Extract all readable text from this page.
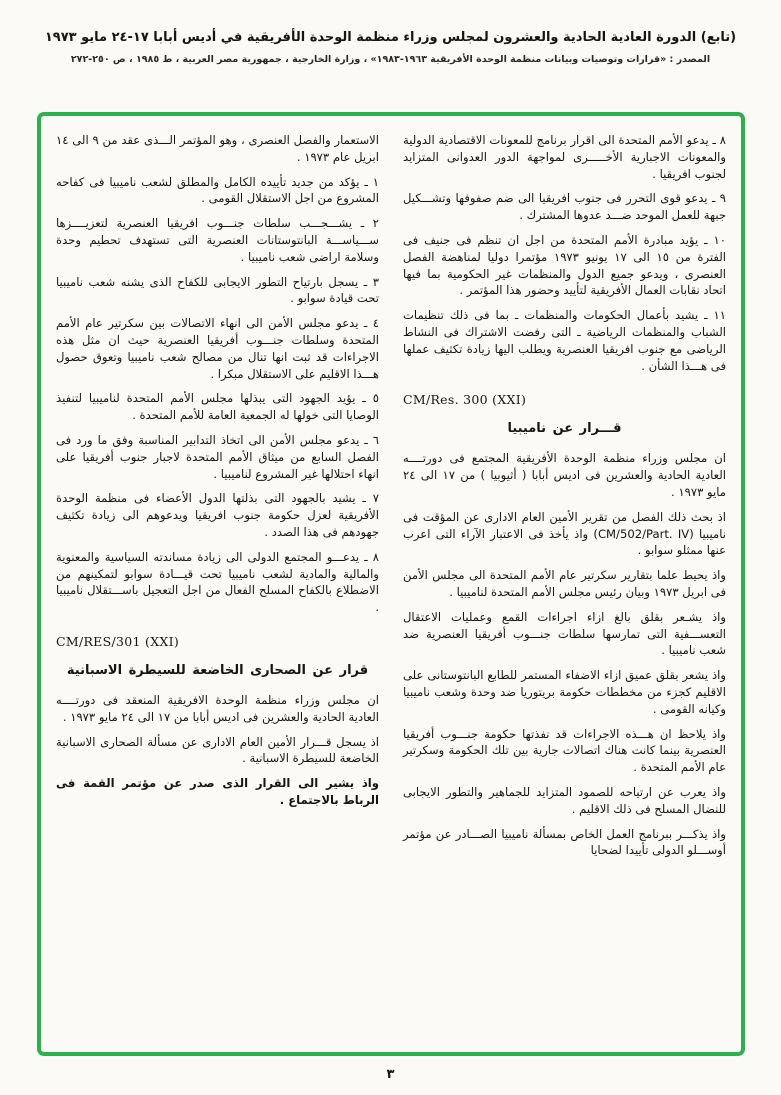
(تابع) الدورة العادية الحادية والعشرون لمجلس وزراء منظمة الوحدة الأفريقية في أديس أبابا ١٧-٢٤ مايو ١٩٧٣
المصدر : «قرارات وتوصيات وبيانات منظمة الوحدة الأفريقية ١٩٦٣-١٩٨٣» ، وزارة الخارجية ، جمهورية مصر العربية ، ط ١٩٨٥ ، ص ٢٥٠-٢٧٢
٨ ـ يدعو الأمم المتحدة الى اقرار برنامج للمعونات الاقتصادية الدولية والمعونات الاجبارية الأخـــــرى لمواجهة الدور العدوانى المتزايد لجنوب افريقيا .
٩ ـ يدعو قوى التحرر فى جنوب افريقيا الى ضم صفوفها وتشـــكيل جبهة للعمل الموحد ضـــد عدوها المشترك .
١٠ ـ يؤيد مبادرة الأمم المتحدة من اجل ان تنظم فى جنيف فى الفترة من ١٥ الى ١٧ يونيو ١٩٧٣ مؤتمرا دوليا لمناهضة الفصل العنصرى ، ويدعو جميع الدول والمنظمات غير الحكومية بما فيها اتحاد نقابات العمال الأفريقية لتأييد وحضور هذا المؤتمر .
١١ ـ يشيد بأعمال الحكومات والمنظمات ـ بما فى ذلك تنظيمات الشباب والمنظمات الرياضية ـ التى رفضت الاشتراك فى النشاط الرياضى مع جنوب افريقيا العنصرية ويطلب اليها زيادة تكثيف عملها فى هـــذا الشأن .
CM/Res. 300 (XXI)
قـــرار عن ناميبيا
ان مجلس وزراء منظمة الوحدة الأفريقية المجتمع فى دورتــــه العادية الحادية والعشرين فى اديس أبابا ( أثيوبيا ) من ١٧ الى ٢٤ مايو ١٩٧٣ .
اذ بحث ذلك الفصل من تقرير الأمين العام الادارى عن المؤقت فى ناميبيا (CM/502/Part. IV) واذ يأخذ فى الاعتبار الآراء التى اعرب عنها ممثلو سوابو .
واذ يحيط علما بتقارير سكرتير عام الأمم المتحدة الى مجلس الأمن فى ابريل ١٩٧٣ وبيان رئيس مجلس الأمم المتحدة لناميبيا .
واذ يشـعر بقلق بالغ ازاء اجراءات القمع وعمليات الاعتقال التعســـفية التى تمارسها سلطات جنـــوب أفريقيا العنصرية ضد شعب ناميبيا .
واذ يشعر بقلق عميق ازاء الاضفاء المستمر للطابع البانتوستانى على الاقليم كجزء من مخططات حكومة بريتوريا ضد وحدة وشعب ناميبيا وكيانه القومى .
واذ يلاحظ ان هـــذه الاجراءات قد نفذتها حكومة جنـــوب أفريقيا العنصرية بينما كانت هناك اتصالات جارية بين تلك الحكومة وسكرتير عام الأمم المتحدة .
واذ يعرب عن ارتياحه للصمود المتزايد للجماهير والتطور الايجابى للنضال المسلح فى ذلك الاقليم .
واذ يذكـــر ببرنامج العمل الخاص بمسألة ناميبيا الصـــادر عن مؤتمر أوســـلو الدولى تأييدا لضحايا
الاستعمار والفصل العنصرى ، وهو المؤتمر الـــذى عقد من ٩ الى ١٤ ابريل عام ١٩٧٣ .
١ ـ يؤكد من جديد تأييده الكامل والمطلق لشعب ناميبيا فى كفاحه المشروع من اجل الاستقلال القومى .
٢ ـ يشـــجـــب سلطات جنـــوب افريقيا العنصرية لتعزيــــزها ســـياســـة البانتوستانات العنصرية التى تستهدف تحطيم وحدة وسلامة اراضى شعب ناميبيا .
٣ ـ يسجل بارتياح التطور الايجابى للكفاح الذى يشنه شعب ناميبيا تحت قيادة سوابو .
٤ ـ يدعو مجلس الأمن الى انهاء الاتصالات بين سكرتير عام الأمم المتحدة وسلطات جنـــوب أفريقيا العنصرية حيث ان مثل هذه الاجراءات قد ثبت انها تنال من مصالح شعب ناميبيا وتعوق حصول هـــذا الاقليم على الاستقلال مبكرا .
٥ ـ يؤيد الجهود التى يبذلها مجلس الأمم المتحدة لناميبيا لتنفيذ الوصايا التى خولها له الجمعية العامة للأمم المتحدة .
٦ ـ يدعو مجلس الأمن الى اتخاذ التدابير المناسبة وفق ما ورد فى الفصل السابع من ميثاق الأمم المتحدة لاجبار جنوب أفريقيا على انهاء احتلالها غير المشروع لناميبيا .
٧ ـ يشيد بالجهود التى بذلتها الدول الأعضاء فى منظمة الوحدة الأفريقية لعزل حكومة جنوب افريقيا ويدعوهم الى زيادة تكثيف جهودهم فى هذا الصدد .
٨ ـ يدعـــو المجتمع الدولى الى زيادة مساندته السياسية والمعنوية والمالية والمادية لشعب ناميبيا تحت قيـــادة سوابو لتمكينهم من الاضطلاع بالكفاح المسلح الفعال من اجل التعجيل باســـتقلال ناميبيا .
CM/RES/301 (XXI)
قرار عن الصحارى الخاضعة للسيطرة الاسبانية
ان مجلس وزراء منظمة الوحدة الافريقية المنعقد فى دورتــــه العادية الحادية والعشرين فى اديس أبابا من ١٧ الى ٢٤ مايو ١٩٧٣ .
اذ يسجل قـــرار الأمين العام الادارى عن مسألة الصحارى الاسبانية الخاضعة للسيطرة الاسبانية .
واذ يشير الى القرار الذى صدر عن مؤتمر القمة فى الرباط بالاجتماع .
٣
